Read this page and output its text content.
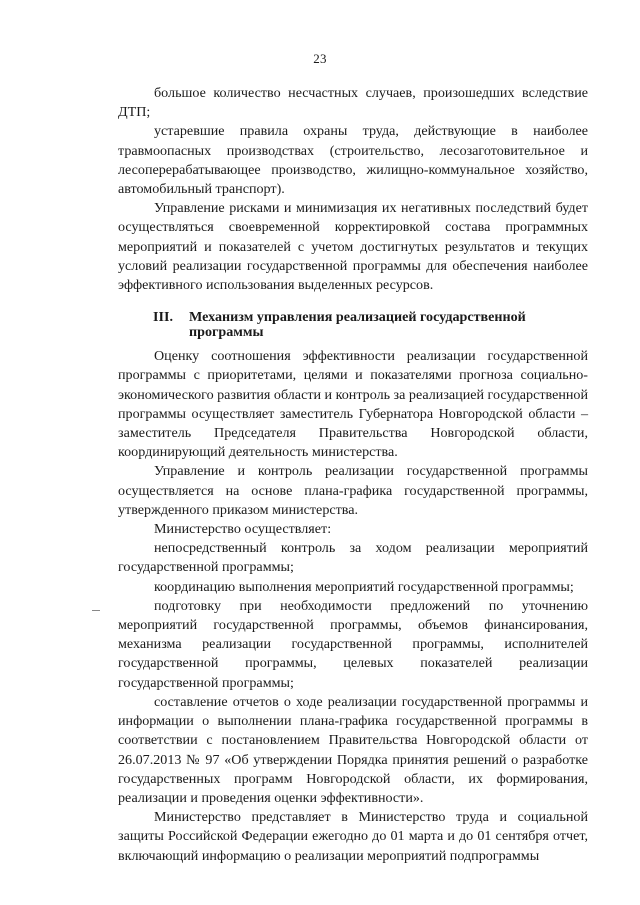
23

большое количество несчастных случаев, произошедших вследствие ДТП;

устаревшие правила охраны труда, действующие в наиболее травмоопасных производствах (строительство, лесозаготовительное и лесоперерабатывающее производство, жилищно-коммунальное хозяйство, автомобильный транспорт).

Управление рисками и минимизация их негативных последствий будет осуществляться своевременной корректировкой состава программных мероприятий и показателей с учетом достигнутых результатов и текущих условий реализации государственной программы для обеспечения наиболее эффективного использования выделенных ресурсов.

III. Механизм управления реализацией государственной
программы

Оценку соотношения эффективности реализации государственной программы с приоритетами, целями и показателями прогноза социально-экономического развития области и контроль за реализацией государственной программы осуществляет заместитель Губернатора Новгородской области – заместитель Председателя Правительства Новгородской области, координирующий деятельность министерства.

Управление и контроль реализации государственной программы осуществляется на основе плана-графика государственной программы, утвержденного приказом министерства.

Министерство осуществляет:

непосредственный контроль за ходом реализации мероприятий государственной программы;

координацию выполнения мероприятий государственной программы;

подготовку при необходимости предложений по уточнению мероприятий государственной программы, объемов финансирования, механизма реализации государственной программы, исполнителей государственной программы, целевых показателей реализации государственной программы;

составление отчетов о ходе реализации государственной программы и информации о выполнении плана-графика государственной программы в соответствии с постановлением Правительства Новгородской области от 26.07.2013 № 97 «Об утверждении Порядка принятия решений о разработке государственных программ Новгородской области, их формирования, реализации и проведения оценки эффективности».

Министерство представляет в Министерство труда и социальной защиты Российской Федерации ежегодно до 01 марта и до 01 сентября отчет, включающий информацию о реализации мероприятий подпрограммы
